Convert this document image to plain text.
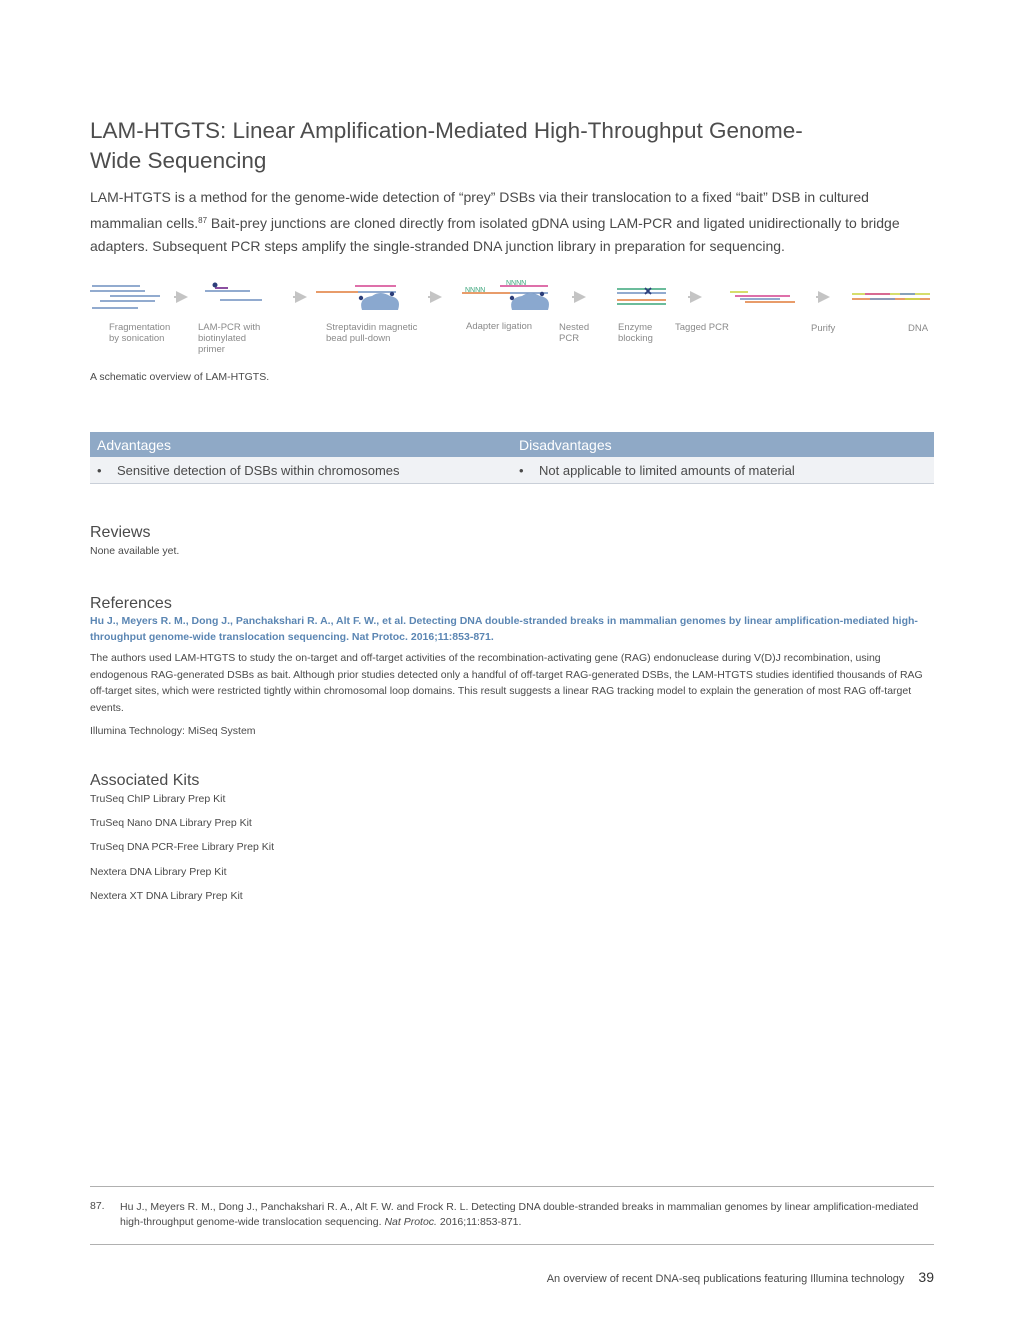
LAM-HTGTS: Linear Amplification-Mediated High-Throughput Genome-Wide Sequencing

LAM-HTGTS is a method for the genome-wide detection of “prey” DSBs via their translocation to a fixed “bait” DSB in cultured mammalian cells.$^{87}$ Bait-prey junctions are cloned directly from isolated gDNA using LAM-PCR and ligated unidirectionally to bridge adapters. Subsequent PCR steps amplify the single-stranded DNA junction library in preparation for sequencing.

NNNN
NNNN
Fragmentation
by sonication
LAM-PCR with
biotinylated
primer
Streptavidin magnetic
bead pull-down
Adapter ligation	Nested
PCR
Enzyme
blocking
Tagged PCR	Purify	DNA
A schematic overview of LAM-HTGTS.
Advantages	Disadvantages
• Sensitive detection of DSBs within chromosomes	• Not applicable to limited amounts of material
Reviews
None available yet.
References
Hu J., Meyers R. M., Dong J., Panchakshari R. A., Alt F. W., et al. Detecting DNA double-stranded breaks in mammalian genomes by linear amplification-mediated high-throughput genome-wide translocation sequencing. Nat Protoc. 2016;11:853-871.
The authors used LAM-HTGTS to study the on-target and off-target activities of the recombination-activating gene (RAG) endonuclease during V(D)J recombination, using endogenous RAG-generated DSBs as bait. Although prior studies detected only a handful of off-target RAG-generated DSBs, the LAM-HTGTS studies identified thousands of RAG off-target sites, which were restricted tightly within chromosomal loop domains. This result suggests a linear RAG tracking model to explain the generation of most RAG off-target events.
Illumina Technology: MiSeq System
Associated Kits
TruSeq ChIP Library Prep Kit
TruSeq Nano DNA Library Prep Kit
TruSeq DNA PCR-Free Library Prep Kit
Nextera DNA Library Prep Kit
Nextera XT DNA Library Prep Kit
87. Hu J., Meyers R. M., Dong J., Panchakshari R. A., Alt F. W. and Frock R. L. Detecting DNA double-stranded breaks in mammalian genomes by linear amplification-mediated high-throughput genome-wide translocation sequencing. Nat Protoc. 2016;11:853-871.
An overview of recent DNA-seq publications featuring Illumina technology 39
